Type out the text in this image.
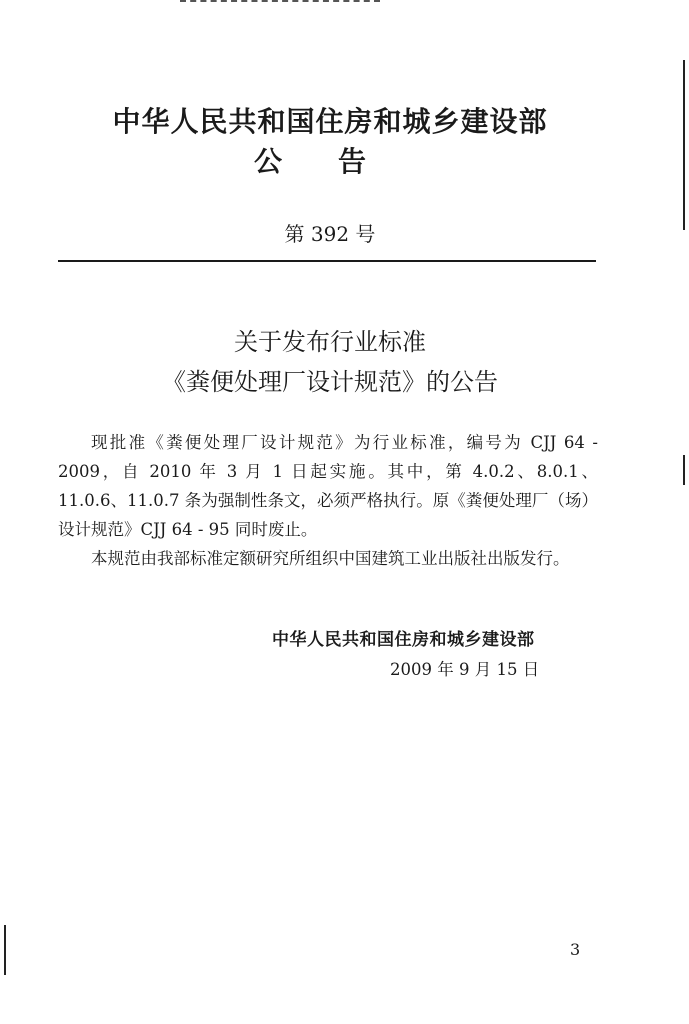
中华人民共和国住房和城乡建设部
公告
第 392 号
关于发布行业标准
《粪便处理厂设计规范》的公告

现批准《粪便处理厂设计规范》为行业标准，编号为 CJJ 64 - 2009，自 2010 年 3 月 1 日起实施。其中，第 4.0.2、8.0.1、11.0.6、11.0.7 条为强制性条文，必须严格执行。原《粪便处理厂（场）设计规范》CJJ 64 - 95 同时废止。

本规范由我部标准定额研究所组织中国建筑工业出版社出版发行。

中华人民共和国住房和城乡建设部
2009 年 9 月 15 日
3
